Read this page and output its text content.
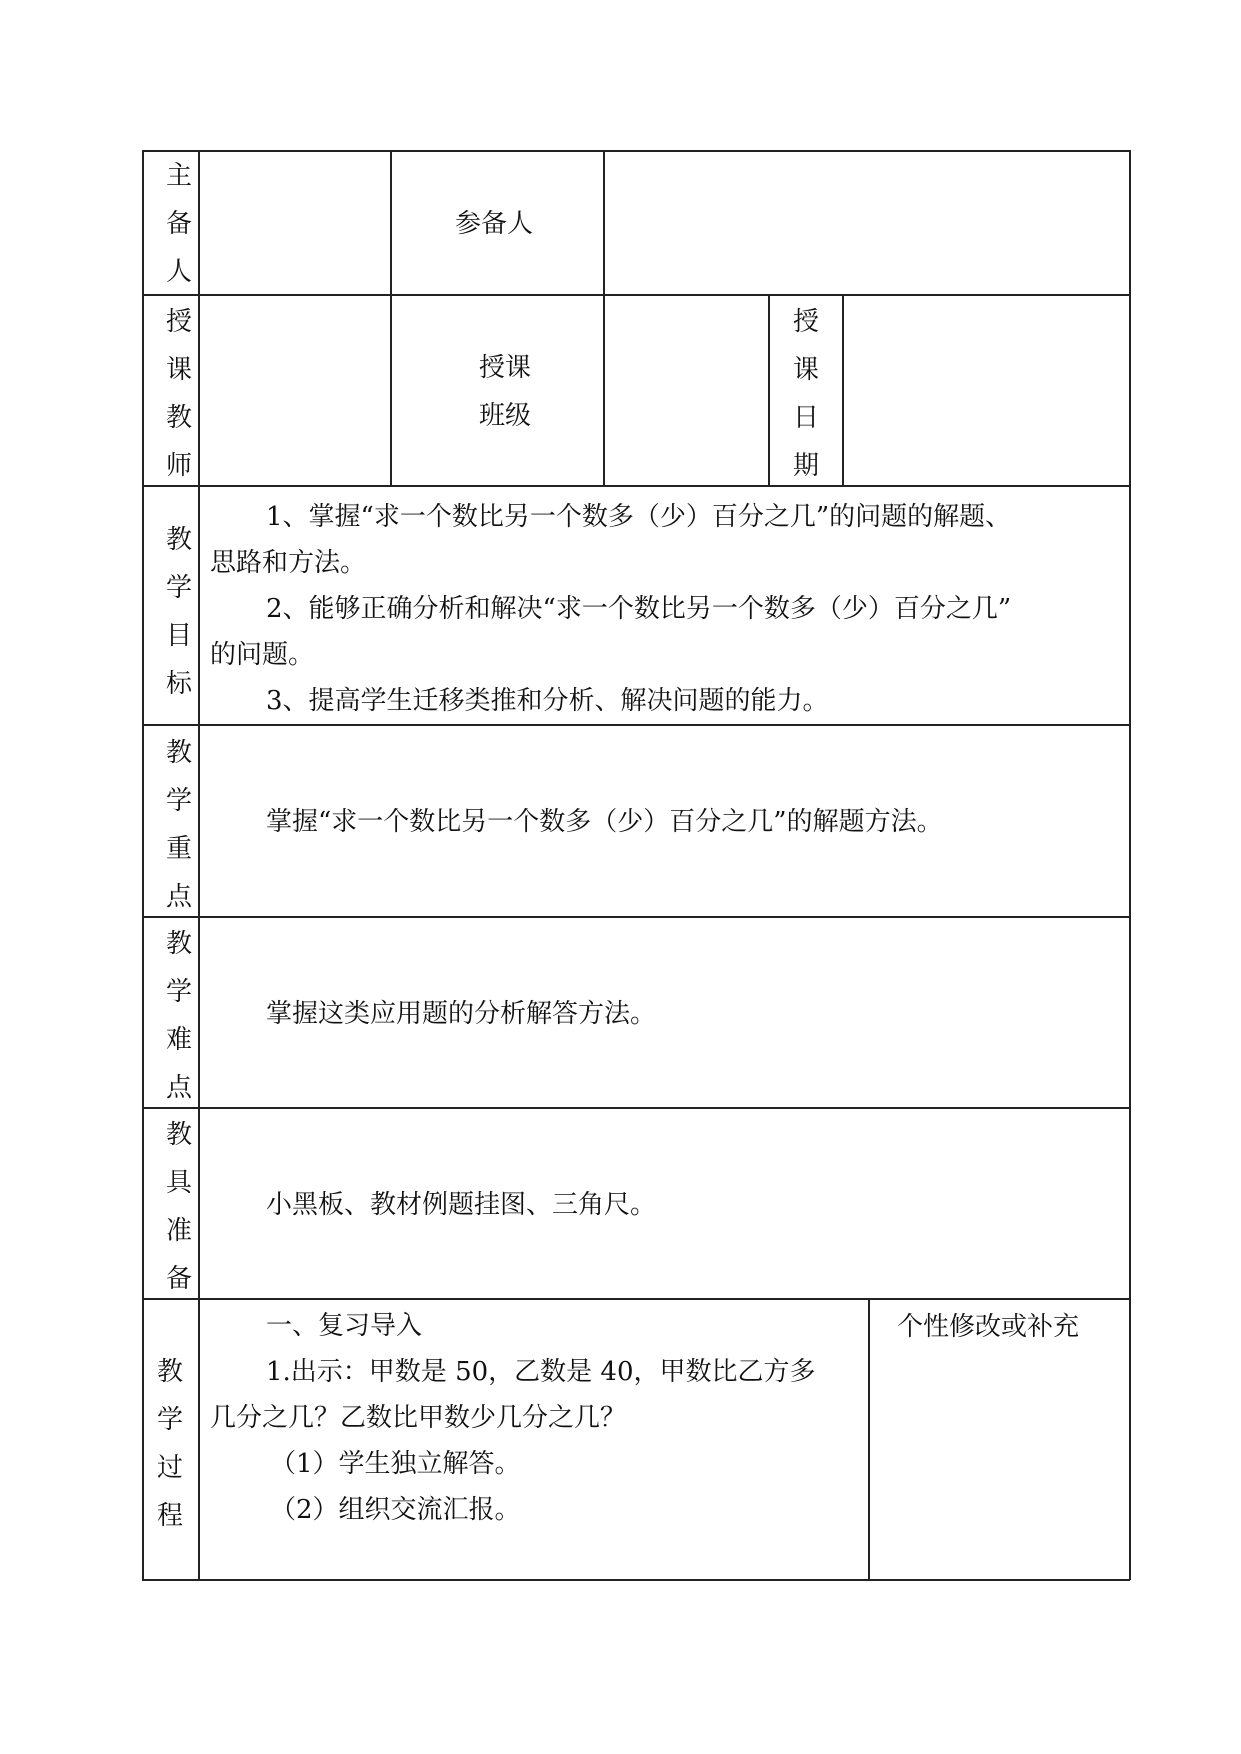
主
备
人
参备人
授
课
教
师
授课
班级
授
课
日
期
教
学
目
标

1、掌握“求一个数比另一个数多（少）百分之几”的问题的解题、

思路和方法。

2、能够正确分析和解决“求一个数比另一个数多（少）百分之几”

的问题。

3、提高学生迁移类推和分析、解决问题的能力。

教
学
重
点
掌握“求一个数比另一个数多（少）百分之几”的解题方法。
教
学
难
点
掌握这类应用题的分析解答方法。
教
具
准
备
小黑板、教材例题挂图、三角尺。
教
学
过
程

一、复习导入

1.出示：甲数是 50，乙数是 40，甲数比乙方多

几分之几？乙数比甲数少几分之几？

（1）学生独立解答。

（2）组织交流汇报。

个性修改或补充
